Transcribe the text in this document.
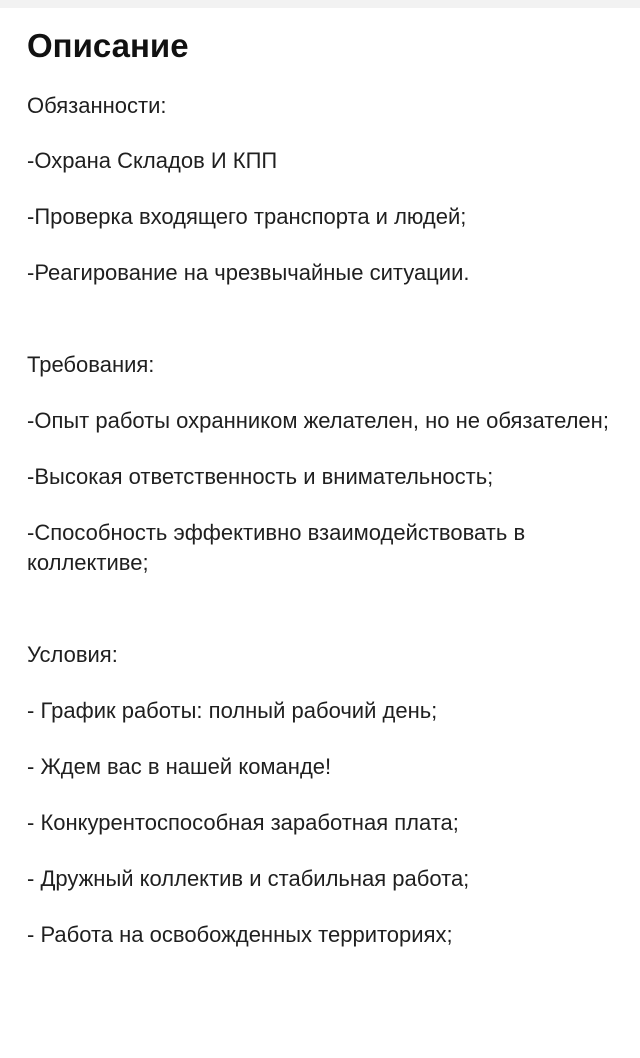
Описание

Обязанности:

-Охрана Складов И КПП

-Проверка входящего транспорта и людей;

-Реагирование на чрезвычайные ситуации.

Требования:

-Опыт работы охранником желателен, но не обязателен;

-Высокая ответственность и внимательность;

-Способность эффективно взаимодействовать в коллективе;

Условия:

- График работы: полный рабочий день;

- Ждем вас в нашей команде!

- Конкурентоспособная заработная плата;

- Дружный коллектив и стабильная работа;

- Работа на освобожденных территориях;
